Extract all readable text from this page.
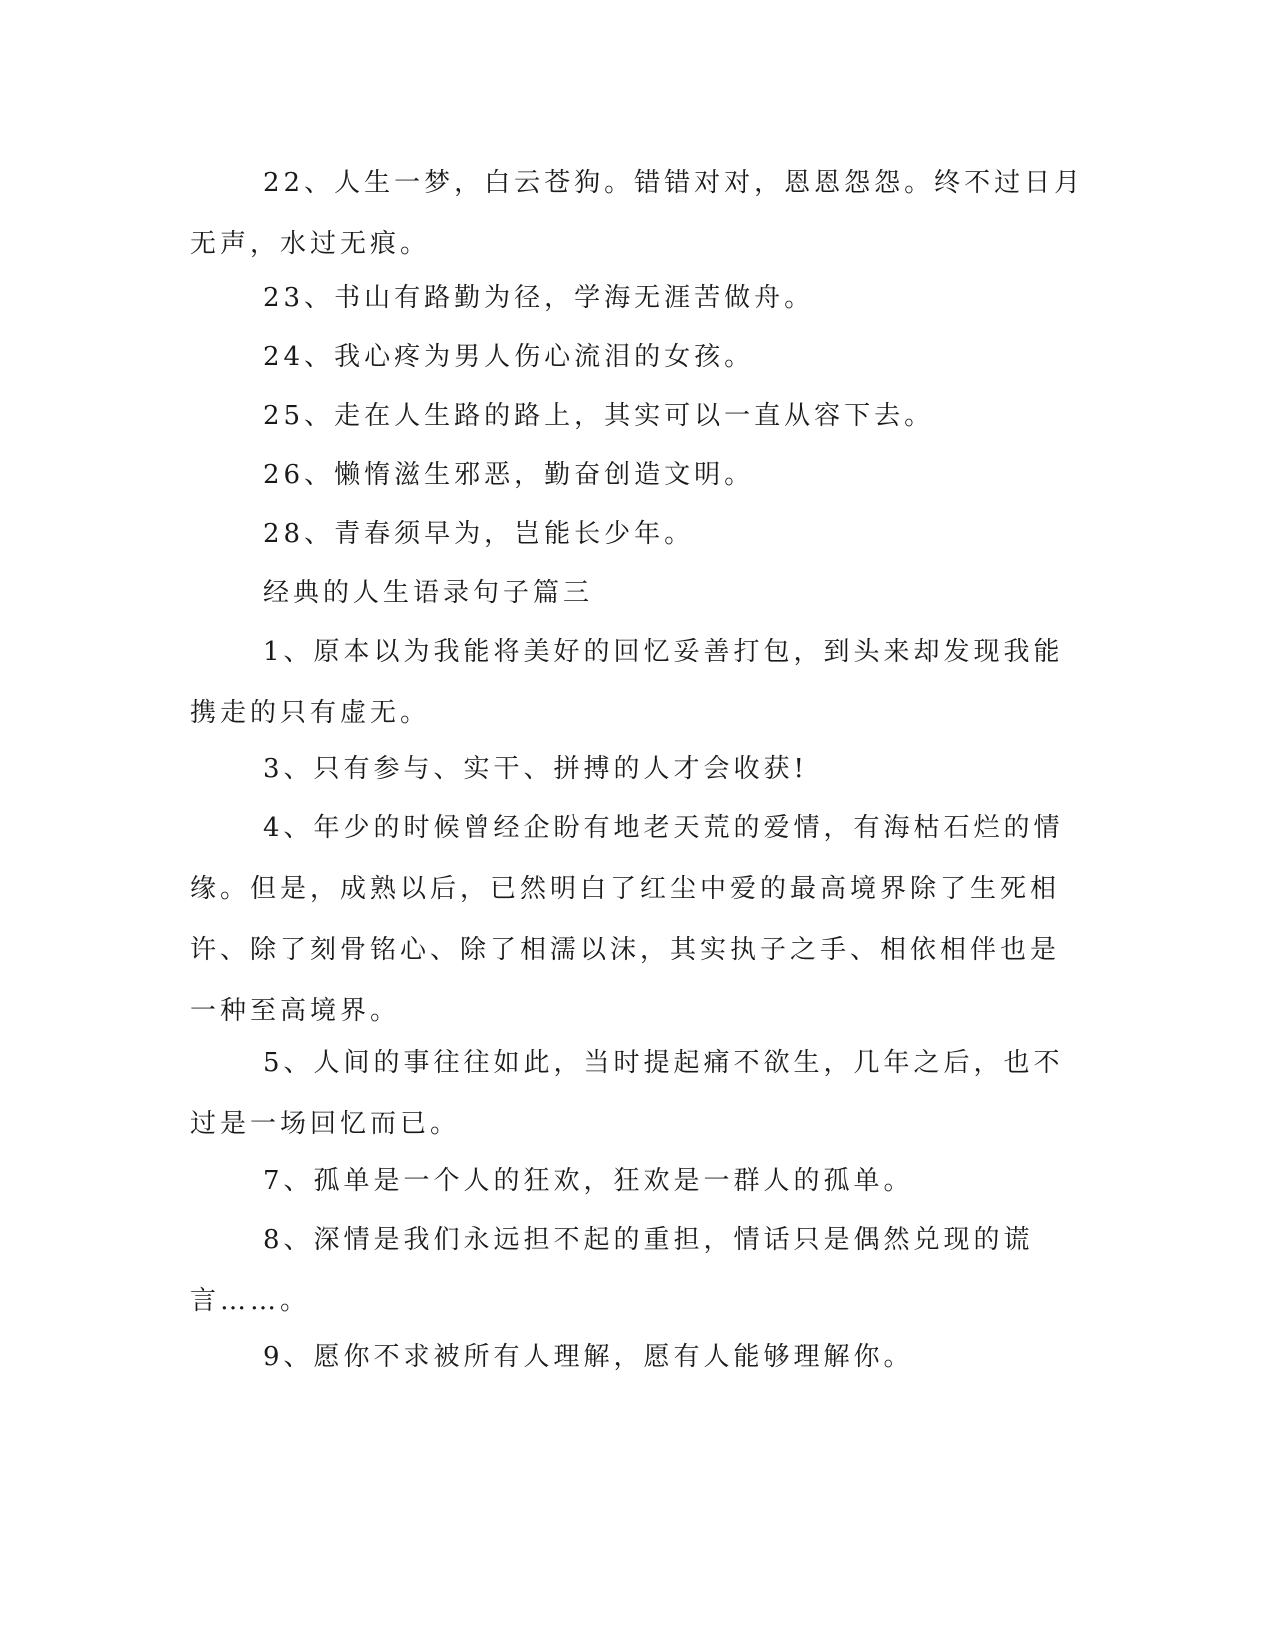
22、人生一梦，白云苍狗。错错对对，恩恩怨怨。终不过日月无声，水过无痕。

23、书山有路勤为径，学海无涯苦做舟。

24、我心疼为男人伤心流泪的女孩。

25、走在人生路的路上，其实可以一直从容下去。

26、懒惰滋生邪恶，勤奋创造文明。

28、青春须早为，岂能长少年。

经典的人生语录句子篇三

1、原本以为我能将美好的回忆妥善打包，到头来却发现我能携走的只有虚无。

3、只有参与、实干、拼搏的人才会收获!

4、年少的时候曾经企盼有地老天荒的爱情，有海枯石烂的情缘。但是，成熟以后，已然明白了红尘中爱的最高境界除了生死相许、除了刻骨铭心、除了相濡以沫，其实执子之手、相依相伴也是一种至高境界。

5、人间的事往往如此，当时提起痛不欲生，几年之后，也不过是一场回忆而已。

7、孤单是一个人的狂欢，狂欢是一群人的孤单。

8、深情是我们永远担不起的重担，情话只是偶然兑现的谎言……。

9、愿你不求被所有人理解，愿有人能够理解你。
